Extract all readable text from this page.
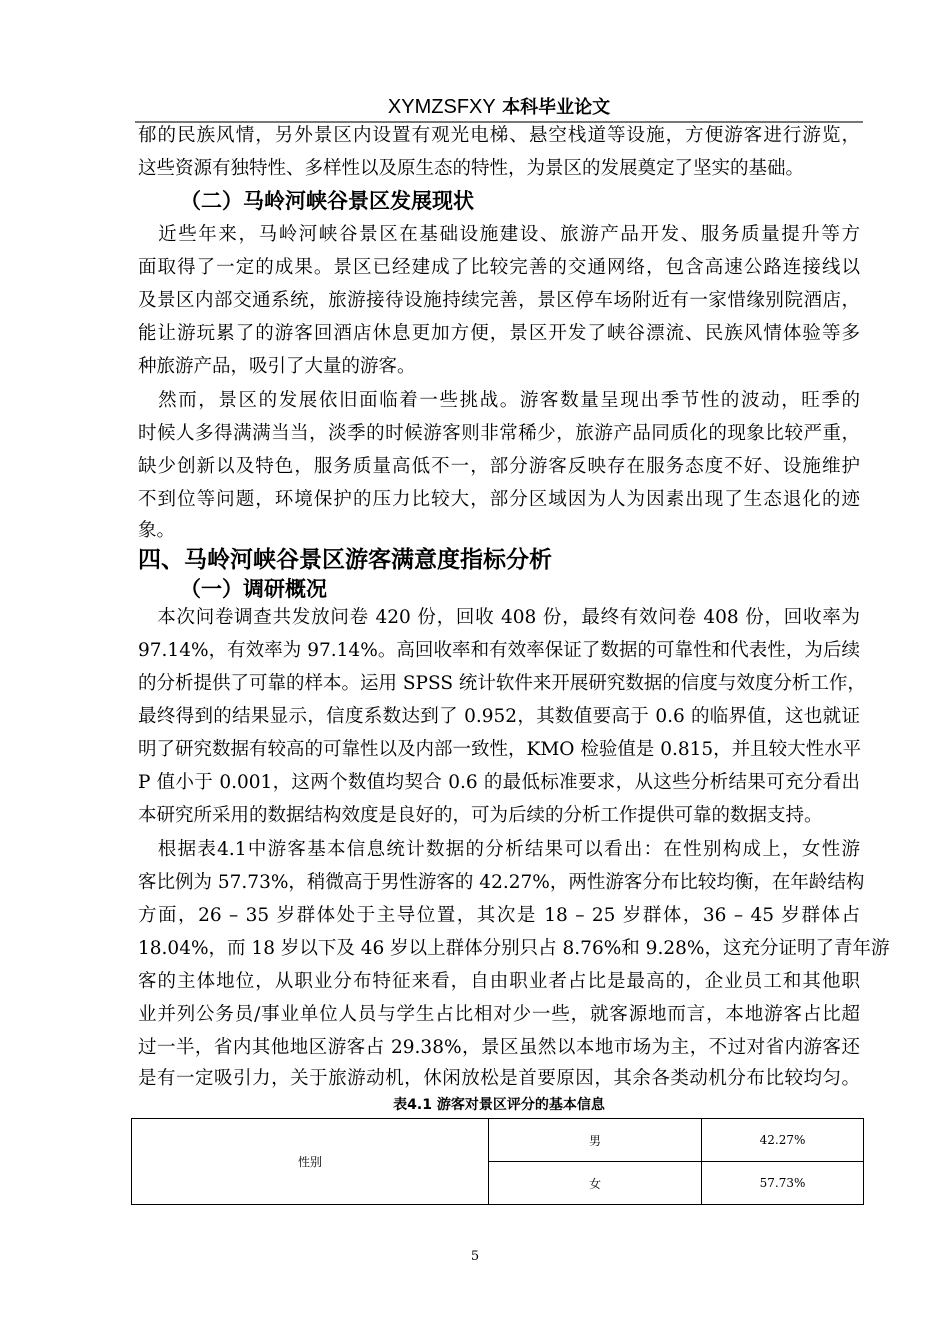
XYMZSFXY 本科毕业论文
郁的民族风情，另外景区内设置有观光电梯、悬空栈道等设施，方便游客进行游览，
这些资源有独特性、多样性以及原生态的特性，为景区的发展奠定了坚实的基础。
（二）马岭河峡谷景区发展现状
　近些年来，马岭河峡谷景区在基础设施建设、旅游产品开发、服务质量提升等方
面取得了一定的成果。景区已经建成了比较完善的交通网络，包含高速公路连接线以
及景区内部交通系统，旅游接待设施持续完善，景区停车场附近有一家惜缘别院酒店，
能让游玩累了的游客回酒店休息更加方便，景区开发了峡谷漂流、民族风情体验等多
种旅游产品，吸引了大量的游客。
　然而，景区的发展依旧面临着一些挑战。游客数量呈现出季节性的波动，旺季的
时候人多得满满当当，淡季的时候游客则非常稀少，旅游产品同质化的现象比较严重，
缺少创新以及特色，服务质量高低不一，部分游客反映存在服务态度不好、设施维护
不到位等问题，环境保护的压力比较大，部分区域因为人为因素出现了生态退化的迹
象。
四、马岭河峡谷景区游客满意度指标分析
（一）调研概况
　本次问卷调查共发放问卷 420 份，回收 408 份，最终有效问卷 408 份，回收率为
97.14%，有效率为 97.14%。高回收率和有效率保证了数据的可靠性和代表性，为后续
的分析提供了可靠的样本。运用 SPSS 统计软件来开展研究数据的信度与效度分析工作，
最终得到的结果显示，信度系数达到了 0.952，其数值要高于 0.6 的临界值，这也就证
明了研究数据有较高的可靠性以及内部一致性，KMO 检验值是 0.815，并且较大性水平
P 值小于 0.001，这两个数值均契合 0.6 的最低标准要求，从这些分析结果可充分看出
本研究所采用的数据结构效度是良好的，可为后续的分析工作提供可靠的数据支持。
　根据表4.1中游客基本信息统计数据的分析结果可以看出：在性别构成上，女性游
客比例为 57.73%，稍微高于男性游客的 42.27%，两性游客分布比较均衡，在年龄结构
方面，26 – 35 岁群体处于主导位置，其次是 18 – 25 岁群体，36 – 45 岁群体占
18.04%，而 18 岁以下及 46 岁以上群体分别只占 8.76%和 9.28%，这充分证明了青年游
客的主体地位，从职业分布特征来看，自由职业者占比是最高的，企业员工和其他职
业并列公务员/事业单位人员与学生占比相对少一些，就客源地而言，本地游客占比超
过一半，省内其他地区游客占 29.38%，景区虽然以本地市场为主，不过对省内游客还
是有一定吸引力，关于旅游动机，休闲放松是首要原因，其余各类动机分布比较均匀。
表4.1 游客对景区评分的基本信息
性别	男	42.27%
	女	57.73%
5
